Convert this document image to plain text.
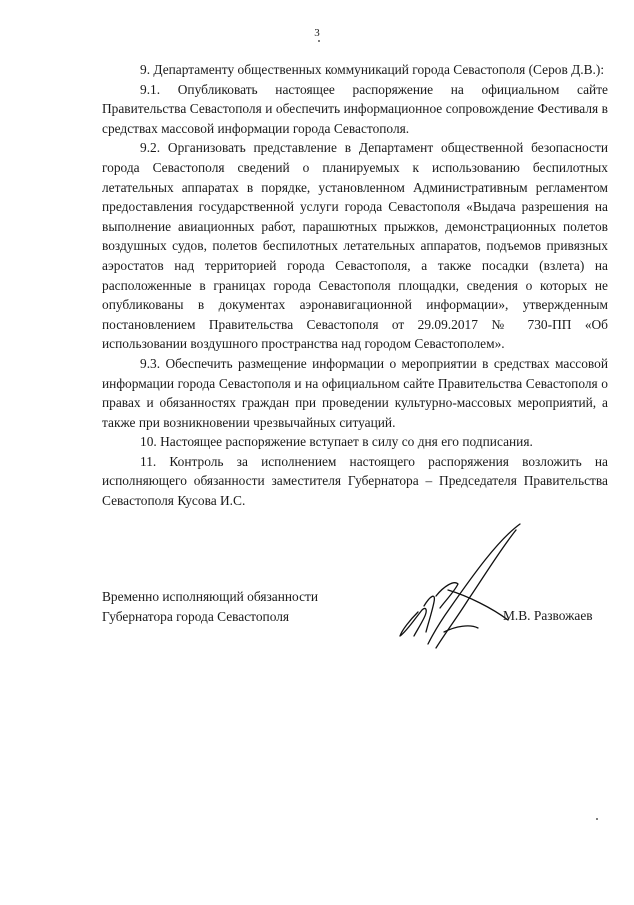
3

9. Департаменту общественных коммуникаций города Севастополя (Серов Д.В.):

9.1. Опубликовать настоящее распоряжение на официальном сайте Правительства Севастополя и обеспечить информационное сопровождение Фестиваля в средствах массовой информации города Севастополя.

9.2. Организовать представление в Департамент общественной безопасности города Севастополя сведений о планируемых к использованию беспилотных летательных аппаратах в порядке, установленном Административным регламентом предоставления государственной услуги города Севастополя «Выдача разрешения на выполнение авиационных работ, парашютных прыжков, демонстрационных полетов воздушных судов, полетов беспилотных летательных аппаратов, подъемов привязных аэростатов над территорией города Севастополя, а также посадки (взлета) на расположенные в границах города Севастополя площадки, сведения о которых не опубликованы в документах аэронавигационной информации», утвержденным постановлением Правительства Севастополя от 29.09.2017 № 730-ПП «Об использовании воздушного пространства над городом Севастополем».

9.3. Обеспечить размещение информации о мероприятии в средствах массовой информации города Севастополя и на официальном сайте Правительства Севастополя о правах и обязанностях граждан при проведении культурно-массовых мероприятий, а также при возникновении чрезвычайных ситуаций.

10. Настоящее распоряжение вступает в силу со дня его подписания.

11. Контроль за исполнением настоящего распоряжения возложить на исполняющего обязанности заместителя Губернатора – Председателя Правительства Севастополя Кусова И.С.

Временно исполняющий обязанности
Губернатора города Севастополя	М.В. Развожаев
